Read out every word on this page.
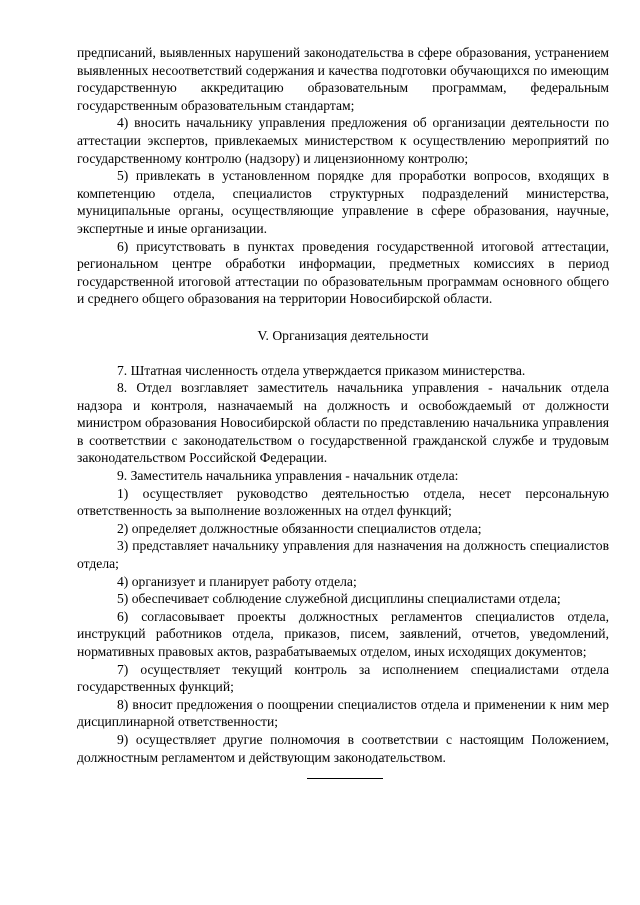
предписаний, выявленных нарушений законодательства в сфере образования, устранением выявленных несоответствий содержания и качества подготовки обучающихся по имеющим государственную аккредитацию образовательным программам, федеральным государственным образовательным стандартам;

4) вносить начальнику управления предложения об организации деятельности по аттестации экспертов, привлекаемых министерством к осуществлению мероприятий по государственному контролю (надзору) и лицензионному контролю;

5) привлекать в установленном порядке для проработки вопросов, входящих в компетенцию отдела, специалистов структурных подразделений министерства, муниципальные органы, осуществляющие управление в сфере образования, научные, экспертные и иные организации.

6) присутствовать в пунктах проведения государственной итоговой аттестации, региональном центре обработки информации, предметных комиссиях в период государственной итоговой аттестации по образовательным программам основного общего и среднего общего образования на территории Новосибирской области.

V. Организация деятельности

7. Штатная численность отдела утверждается приказом министерства.

8. Отдел возглавляет заместитель начальника управления - начальник отдела надзора и контроля, назначаемый на должность и освобождаемый от должности министром образования Новосибирской области по представлению начальника управления в соответствии с законодательством о государственной гражданской службе и трудовым законодательством Российской Федерации.

9. Заместитель начальника управления - начальник отдела:

1) осуществляет руководство деятельностью отдела, несет персональную ответственность за выполнение возложенных на отдел функций;

2) определяет должностные обязанности специалистов отдела;

3) представляет начальнику управления для назначения на должность специалистов отдела;

4) организует и планирует работу отдела;

5) обеспечивает соблюдение служебной дисциплины специалистами отдела;

6) согласовывает проекты должностных регламентов специалистов отдела, инструкций работников отдела, приказов, писем, заявлений, отчетов, уведомлений, нормативных правовых актов, разрабатываемых отделом, иных исходящих документов;

7) осуществляет текущий контроль за исполнением специалистами отдела государственных функций;

8) вносит предложения о поощрении специалистов отдела и применении к ним мер дисциплинарной ответственности;

9) осуществляет другие полномочия в соответствии с настоящим Положением, должностным регламентом и действующим законодательством.
